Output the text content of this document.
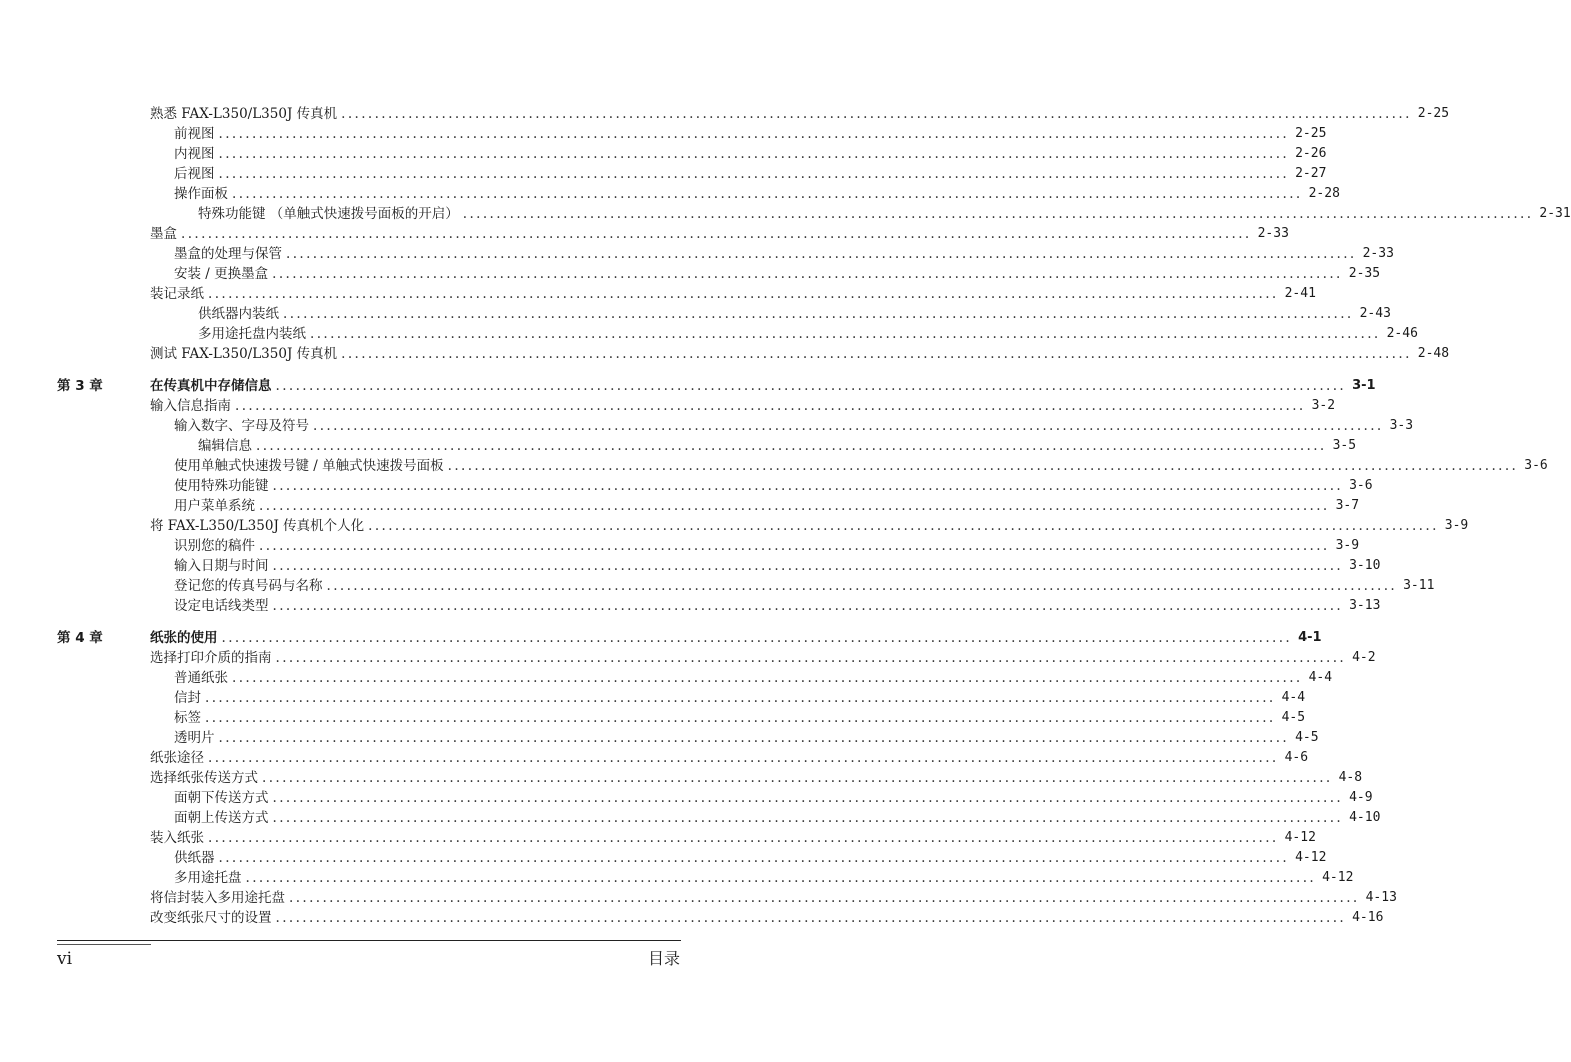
熟悉 FAX-L350/L350J 传真机 ................................................................................................................................................................ 2-25
前视图 ................................................................................................................................................................ 2-25
内视图 ................................................................................................................................................................ 2-26
后视图 ................................................................................................................................................................ 2-27
操作面板 ................................................................................................................................................................ 2-28
特殊功能键 （单触式快速拨号面板的开启） ................................................................................................................................................................ 2-31
墨盒 ................................................................................................................................................................ 2-33
墨盒的处理与保管 ................................................................................................................................................................ 2-33
安装 / 更换墨盒 ................................................................................................................................................................ 2-35
装记录纸 ................................................................................................................................................................ 2-41
供纸器内装纸 ................................................................................................................................................................ 2-43
多用途托盘内装纸 ................................................................................................................................................................ 2-46
测试 FAX-L350/L350J 传真机 ................................................................................................................................................................ 2-48
第 3 章	在传真机中存储信息 ................................................................................................................................................................ 3-1
输入信息指南 ................................................................................................................................................................ 3-2
输入数字、字母及符号 ................................................................................................................................................................ 3-3
编辑信息 ................................................................................................................................................................ 3-5
使用单触式快速拨号键 / 单触式快速拨号面板 ................................................................................................................................................................ 3-6
使用特殊功能键 ................................................................................................................................................................ 3-6
用户菜单系统 ................................................................................................................................................................ 3-7
将 FAX-L350/L350J 传真机个人化 ................................................................................................................................................................ 3-9
识别您的稿件 ................................................................................................................................................................ 3-9
输入日期与时间 ................................................................................................................................................................ 3-10
登记您的传真号码与名称 ................................................................................................................................................................ 3-11
设定电话线类型 ................................................................................................................................................................ 3-13
第 4 章	纸张的使用 ................................................................................................................................................................ 4-1
选择打印介质的指南 ................................................................................................................................................................ 4-2
普通纸张 ................................................................................................................................................................ 4-4
信封 ................................................................................................................................................................ 4-4
标签 ................................................................................................................................................................ 4-5
透明片 ................................................................................................................................................................ 4-5
纸张途径 ................................................................................................................................................................ 4-6
选择纸张传送方式 ................................................................................................................................................................ 4-8
面朝下传送方式 ................................................................................................................................................................ 4-9
面朝上传送方式 ................................................................................................................................................................ 4-10
装入纸张 ................................................................................................................................................................ 4-12
供纸器 ................................................................................................................................................................ 4-12
多用途托盘 ................................................................................................................................................................ 4-12
将信封装入多用途托盘 ................................................................................................................................................................ 4-13
改变纸张尺寸的设置 ................................................................................................................................................................ 4-16
vi	目录
